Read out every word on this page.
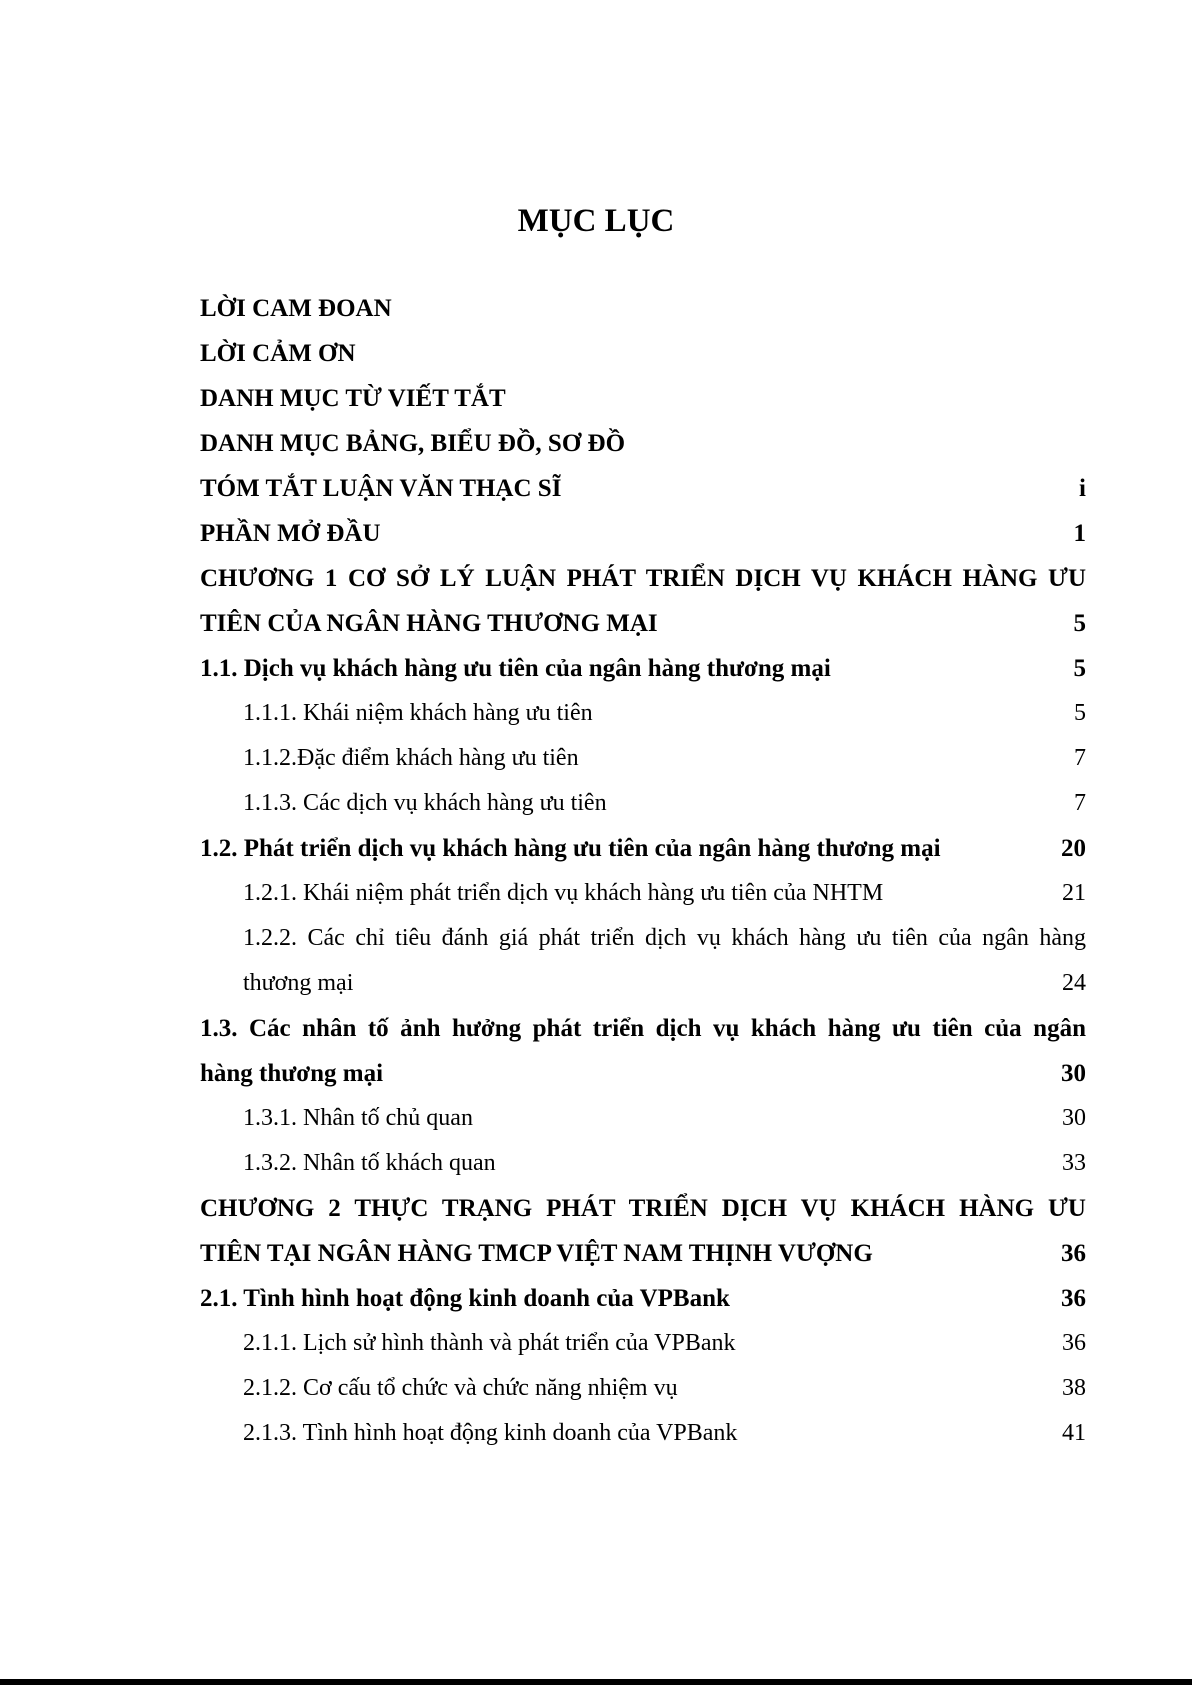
MỤC LỤC
LỜI CAM ĐOAN
LỜI CẢM ƠN
DANH MỤC TỪ VIẾT TẮT
DANH MỤC BẢNG, BIỂU ĐỒ, SƠ ĐỒ
TÓM TẮT LUẬN VĂN THẠC SĨ .....	i
PHẦN MỞ ĐẦU .....	1
CHƯƠNG 1 CƠ SỞ LÝ LUẬN PHÁT TRIỂN DỊCH VỤ KHÁCH HÀNG ƯU
TIÊN CỦA NGÂN HÀNG THƯƠNG MẠI .....	5
1.1. Dịch vụ khách hàng ưu tiên của ngân hàng thương mại .....	5
1.1.1. Khái niệm khách hàng ưu tiên .....	5
1.1.2.Đặc điểm khách hàng ưu tiên .....	7
1.1.3. Các dịch vụ khách hàng ưu tiên .....	7
1.2. Phát triển dịch vụ khách hàng ưu tiên của ngân hàng thương mại .....	20
1.2.1. Khái niệm phát triển dịch vụ khách hàng ưu tiên của NHTM .....	21
1.2.2. Các chỉ tiêu đánh giá phát triển dịch vụ khách hàng ưu tiên của ngân hàng
thương mại .....	24
1.3. Các nhân tố ảnh hưởng phát triển dịch vụ khách hàng ưu tiên của ngân
hàng thương mại .....	30
1.3.1. Nhân tố chủ quan .....	30
1.3.2. Nhân tố khách quan .....	33
CHƯƠNG 2 THỰC TRẠNG PHÁT TRIỂN DỊCH VỤ KHÁCH HÀNG ƯU
TIÊN TẠI NGÂN HÀNG TMCP VIỆT NAM THỊNH VƯỢNG .....	36
2.1. Tình hình hoạt động kinh doanh của VPBank .....	36
2.1.1. Lịch sử hình thành và phát triển của VPBank .....	36
2.1.2. Cơ cấu tổ chức và chức năng nhiệm vụ .....	38
2.1.3. Tình hình hoạt động kinh doanh của VPBank .....	41
